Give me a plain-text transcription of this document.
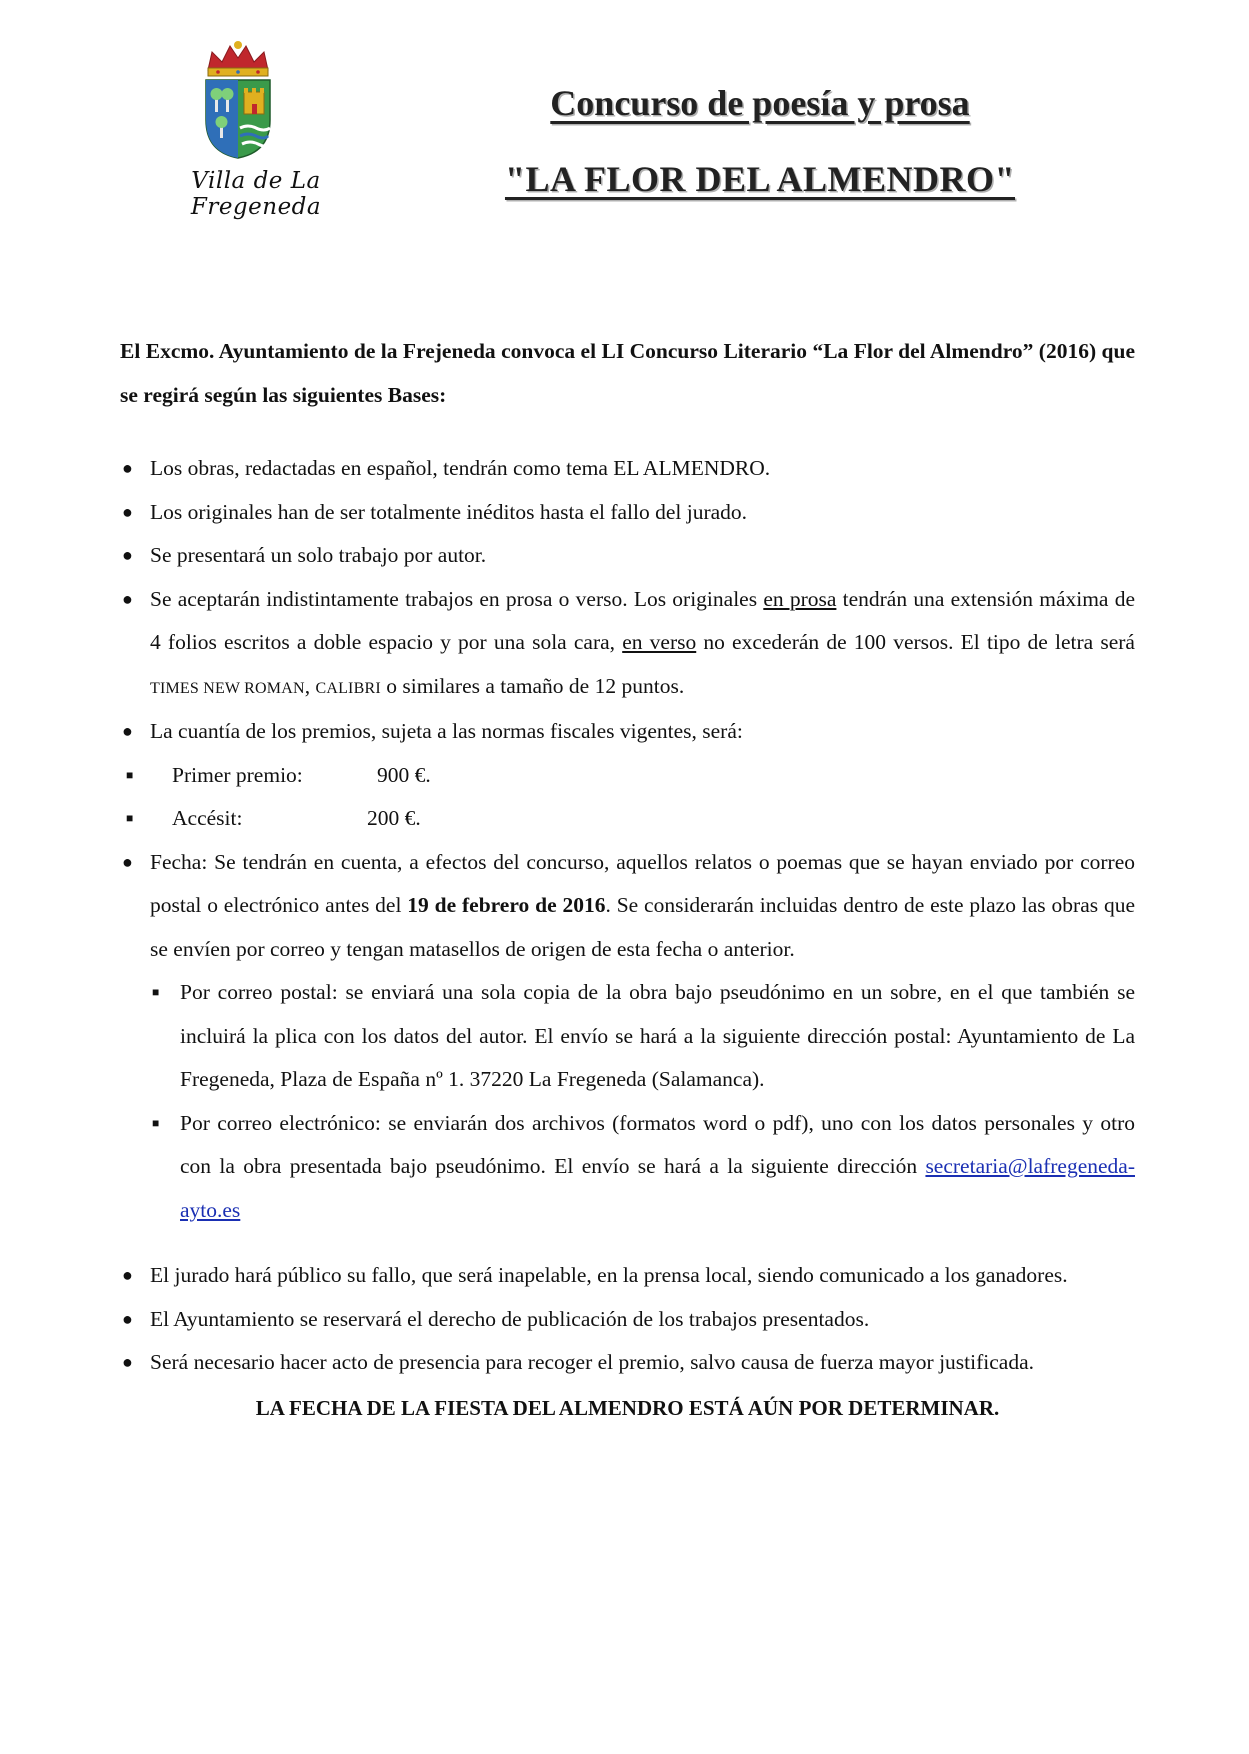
Villa de La Fregeneda
Concurso de poesía y prosa
"LA FLOR DEL ALMENDRO"

El Excmo. Ayuntamiento de la Frejeneda convoca el LI Concurso Literario “La Flor del Almendro” (2016) que se regirá según las siguientes Bases:

● Los obras, redactadas en español, tendrán como tema EL ALMENDRO.
● Los originales han de ser totalmente inéditos hasta el fallo del jurado.
● Se presentará un solo trabajo por autor.
● Se aceptarán indistintamente trabajos en prosa o verso. Los originales en prosa tendrán una extensión máxima de 4 folios escritos a doble espacio y por una sola cara, en verso no excederán de 100 versos. El tipo de letra será TIMES NEW ROMAN, CALIBRI o similares a tamaño de 12 puntos.
● La cuantía de los premios, sujeta a las normas fiscales vigentes, será:
■ Primer premio:	900 €.
■ Accésit:	200 €.
● Fecha: Se tendrán en cuenta, a efectos del concurso, aquellos relatos o poemas que se hayan enviado por correo postal o electrónico antes del 19 de febrero de 2016. Se considerarán incluidas dentro de este plazo las obras que se envíen por correo y tengan matasellos de origen de esta fecha o anterior.
■ Por correo postal: se enviará una sola copia de la obra bajo pseudónimo en un sobre, en el que también se incluirá la plica con los datos del autor. El envío se hará a la siguiente dirección postal: Ayuntamiento de La Fregeneda, Plaza de España nº 1. 37220 La Fregeneda (Salamanca).
■ Por correo electrónico: se enviarán dos archivos (formatos word o pdf), uno con los datos personales y otro con la obra presentada bajo pseudónimo. El envío se hará a la siguiente dirección secretaria@lafregeneda-ayto.es
● El jurado hará público su fallo, que será inapelable, en la prensa local, siendo comunicado a los ganadores.
● El Ayuntamiento se reservará el derecho de publicación de los trabajos presentados.
● Será necesario hacer acto de presencia para recoger el premio, salvo causa de fuerza mayor justificada.
LA FECHA DE LA FIESTA DEL ALMENDRO ESTÁ AÚN POR DETERMINAR.
